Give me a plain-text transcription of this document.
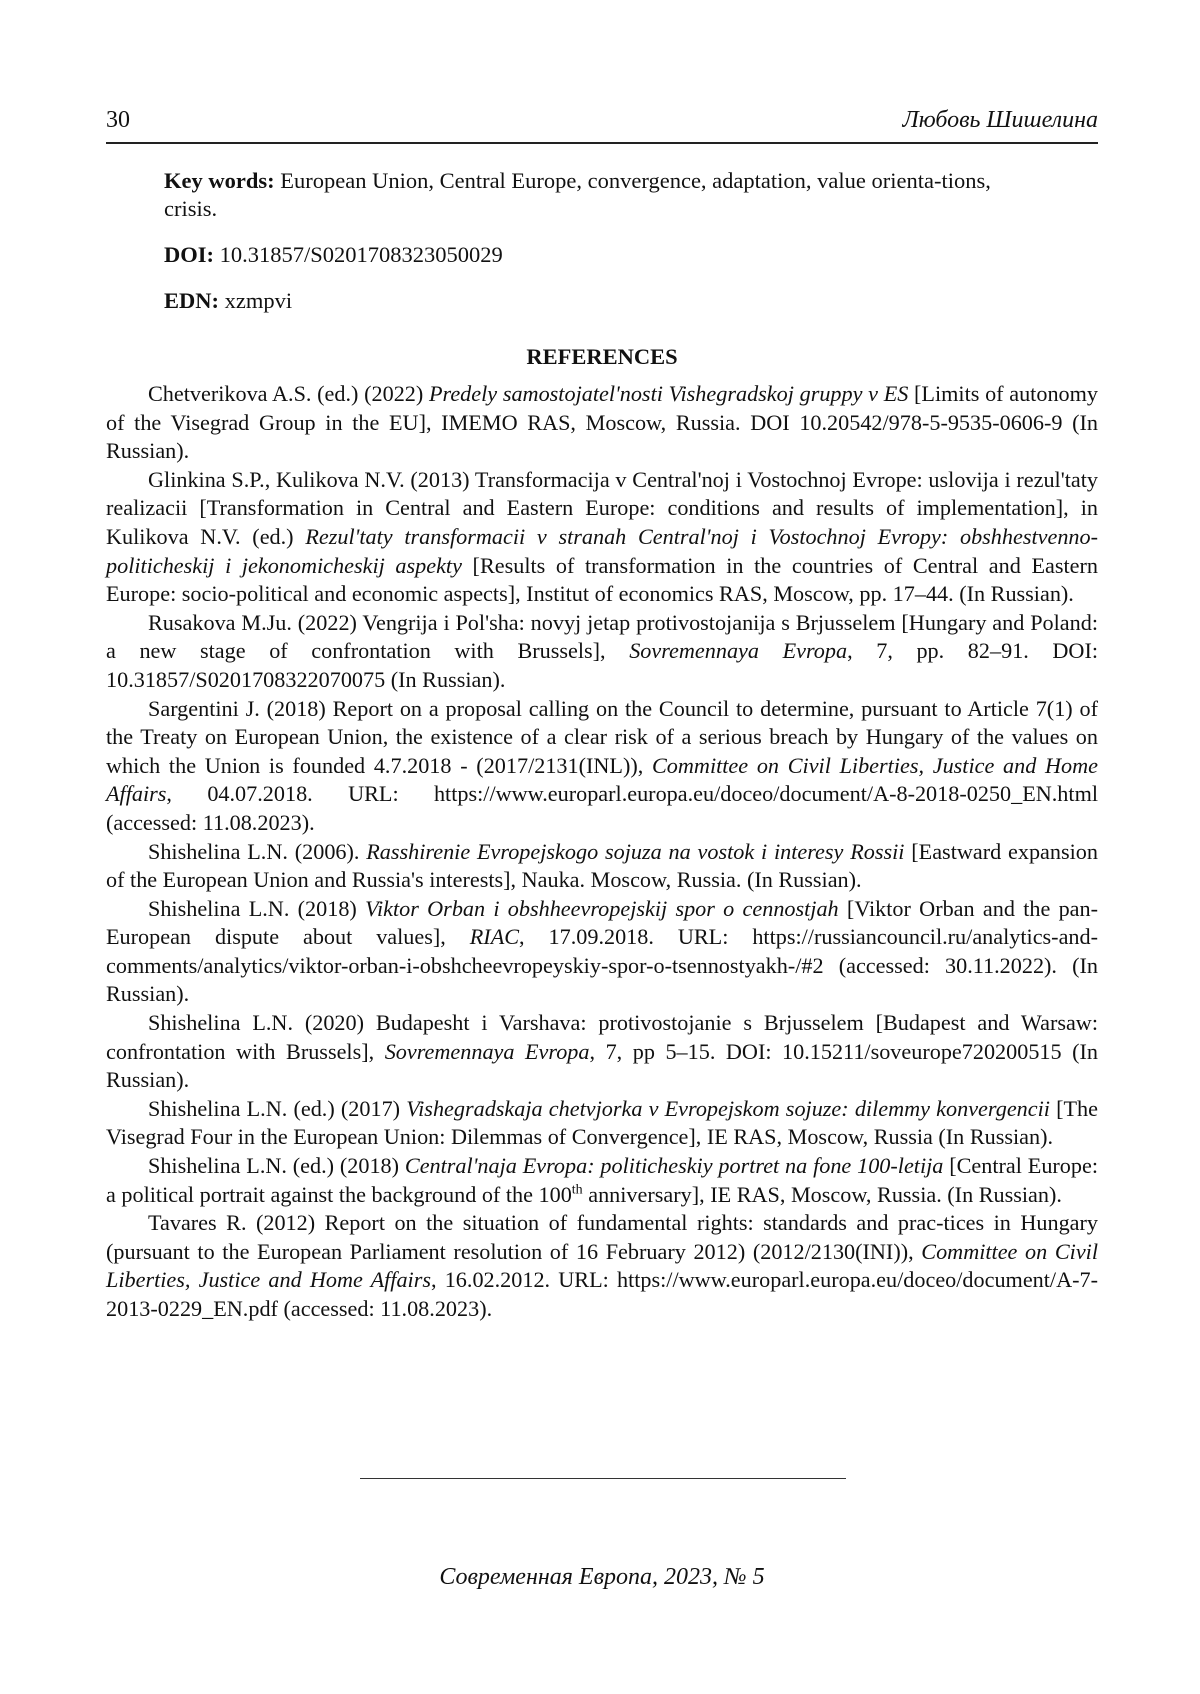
30	Любовь Шишелина
Key words: European Union, Central Europe, convergence, adaptation, value orienta-tions, crisis.
DOI: 10.31857/S0201708323050029
EDN: xzmpvi
REFERENCES

Chetverikova A.S. (ed.) (2022) Predely samostojatel'nosti Vishegradskoj gruppy v ES [Limits of autonomy of the Visegrad Group in the EU], IMEMO RAS, Moscow, Russia. DOI 10.20542/978-5-9535-0606-9 (In Russian).

Glinkina S.P., Kulikova N.V. (2013) Transformacija v Central'noj i Vostochnoj Evrope: uslovija i rezul'taty realizacii [Transformation in Central and Eastern Europe: conditions and results of implementation], in Kulikova N.V. (ed.) Rezul'taty transformacii v stranah Central'noj i Vostochnoj Evropy: obshhestvenno-politicheskij i jekonomicheskij aspekty [Results of transformation in the countries of Central and Eastern Europe: socio-political and economic aspects], Institut of economics RAS, Moscow, pp. 17–44. (In Russian).

Rusakova M.Ju. (2022) Vengrija i Pol'sha: novyj jetap protivostojanija s Brjusselem [Hungary and Poland: a new stage of confrontation with Brussels], Sovremennaya Evropa, 7, pp. 82–91. DOI: 10.31857/S0201708322070075 (In Russian).

Sargentini J. (2018) Report on a proposal calling on the Council to determine, pursuant to Article 7(1) of the Treaty on European Union, the existence of a clear risk of a serious breach by Hungary of the values on which the Union is founded 4.7.2018 - (2017/2131(INL)), Committee on Civil Liberties, Justice and Home Affairs, 04.07.2018. URL: https://www.europarl.europa.eu/doceo/document/A-8-2018-0250_EN.html (accessed: 11.08.2023).

Shishelina L.N. (2006). Rasshirenie Evropejskogo sojuza na vostok i interesy Rossii [Eastward expansion of the European Union and Russia's interests], Nauka. Moscow, Russia. (In Russian).

Shishelina L.N. (2018) Viktor Orban i obshheevropejskij spor o cennostjah [Viktor Orban and the pan-European dispute about values], RIAC, 17.09.2018. URL: https://russiancouncil.ru/analytics-and-comments/analytics/viktor-orban-i-obshcheevropeyskiy-spor-o-tsennostyakh-/#2 (accessed: 30.11.2022). (In Russian).

Shishelina L.N. (2020) Budapesht i Varshava: protivostojanie s Brjusselem [Budapest and Warsaw: confrontation with Brussels], Sovremennaya Evropa, 7, pp 5–15. DOI: 10.15211/soveurope720200515 (In Russian).

Shishelina L.N. (ed.) (2017) Vishegradskaja chetvjorka v Evropejskom sojuze: dilemmy konvergencii [The Visegrad Four in the European Union: Dilemmas of Convergence], IE RAS, Moscow, Russia (In Russian).

Shishelina L.N. (ed.) (2018) Central'naja Evropa: politicheskiy portret na fone 100-letija [Central Europe: a political portrait against the background of the 100th anniversary], IE RAS, Moscow, Russia. (In Russian).

Tavares R. (2012) Report on the situation of fundamental rights: standards and prac-tices in Hungary (pursuant to the European Parliament resolution of 16 February 2012) (2012/2130(INI)), Committee on Civil Liberties, Justice and Home Affairs, 16.02.2012. URL: https://www.europarl.europa.eu/doceo/document/A-7-2013-0229_EN.pdf (accessed: 11.08.2023).

Современная Европа, 2023, № 5
